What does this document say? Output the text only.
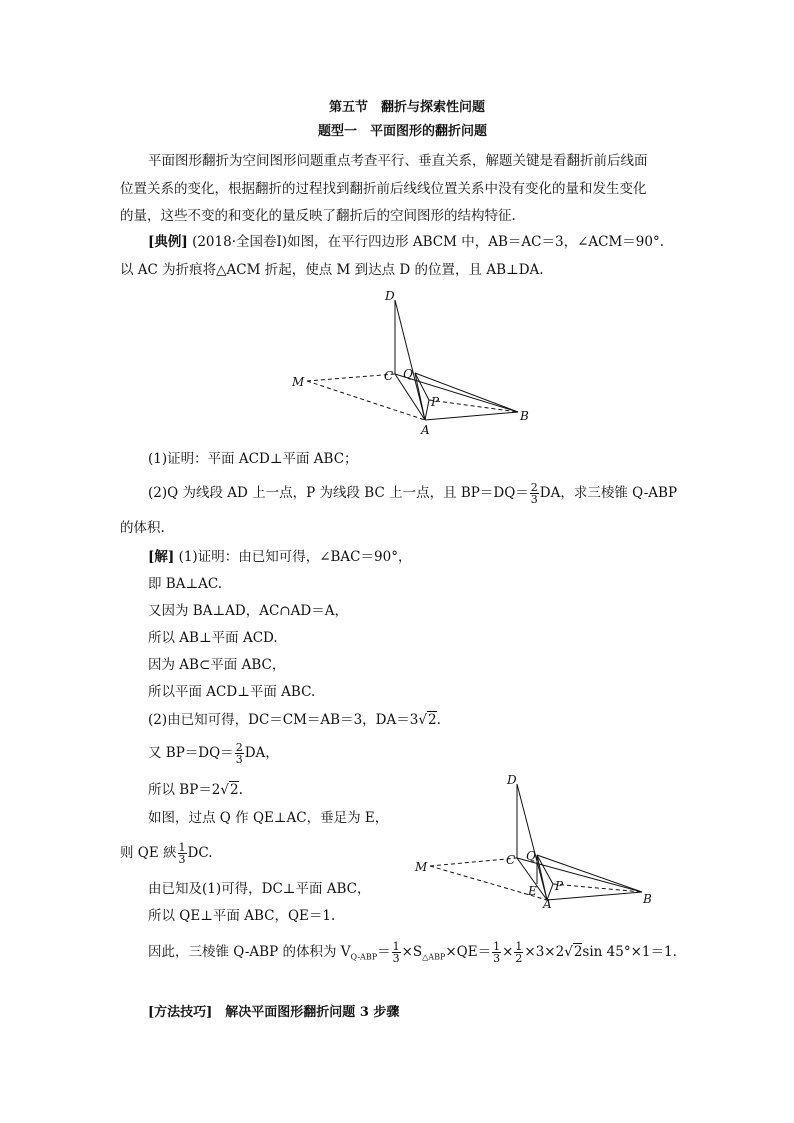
第五节　翻折与探索性问题
题型一　平面图形的翻折问题
平面图形翻折为空间图形问题重点考查平行、垂直关系，解题关键是看翻折前后线面
位置关系的变化，根据翻折的过程找到翻折前后线线位置关系中没有变化的量和发生变化
的量，这些不变的和变化的量反映了翻折后的空间图形的结构特征.
[典例] (2018·全国卷Ⅰ)如图，在平行四边形 ABCM 中，AB＝AC＝3，∠ACM＝90°.
以 AC 为折痕将△ACM 折起，使点 M 到达点 D 的位置，且 AB⊥DA.
D
C Q
M
P
A
B
(1)证明：平面 ACD⊥平面 ABC；
(2)Q 为线段 AD 上一点，P 为线段 BC 上一点，且 $BP=DQ= \frac{2}{3}$ DA，求三棱锥 Q-ABP
的体积.
[解] (1)证明：由已知可得，∠BAC＝90°，
即 BA⊥AC.
又因为 BA⊥AD，AC∩AD＝A，
所以 AB⊥平面 ACD.
因为 AB⊂平面 ABC，
所以平面 ACD⊥平面 ABC.
(2)由已知可得，DC＝CM＝AB＝3，DA＝3√2.
又 $BP=DQ= \frac{2}{3}$ DA，
所以 BP＝2√2.
如图，过点 Q 作 QE⊥AC，垂足为 E，
则 QE 綊 $\frac{1}{3}$ DC.
由已知及(1)可得，DC⊥平面 ABC，
所以 QE⊥平面 ABC，QE＝1.
因此，三棱锥 Q-ABP 的体积为 $V_{Q-ABP}= \frac{1}{3} \times S_{\triangle ABP}\times QE= \frac{1}{3} \times \frac{1}{2} \times 3\times 2√2\sin$ 45°×1＝1.
D
C Q
M
P
E
A	B
[方法技巧]　解决平面图形翻折问题 3 步骤
